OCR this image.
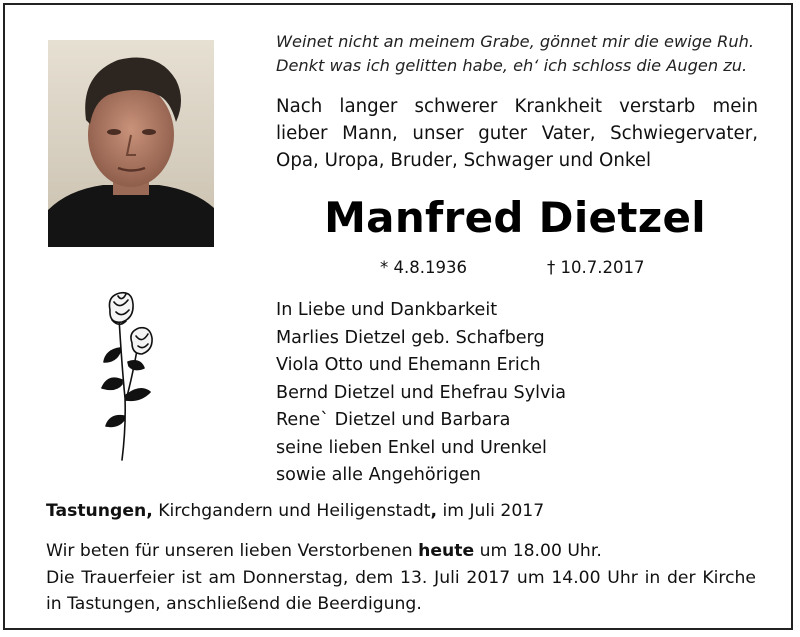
Weinet nicht an meinem Grabe, gönnet mir die ewige Ruh.
Denkt was ich gelitten habe, eh‘ ich schloss die Augen zu.
Nach langer schwerer Krankheit verstarb mein lieber Mann, unser guter Vater, Schwiegervater, Opa, Uropa, Bruder, Schwager und Onkel
Manfred Dietzel
* 4.8.1936	† 10.7.2017
In Liebe und Dankbarkeit
Marlies Dietzel geb. Schafberg
Viola Otto und Ehemann Erich
Bernd Dietzel und Ehefrau Sylvia
Rene` Dietzel und Barbara
seine lieben Enkel und Urenkel
sowie alle Angehörigen
Tastungen, Kirchgandern und Heiligenstadt, im Juli 2017

Wir beten für unseren lieben Verstorbenen heute um 18.00 Uhr.

Die Trauerfeier ist am Donnerstag, dem 13. Juli 2017 um 14.00 Uhr in der Kirche in Tastungen, anschließend die Beerdigung.
